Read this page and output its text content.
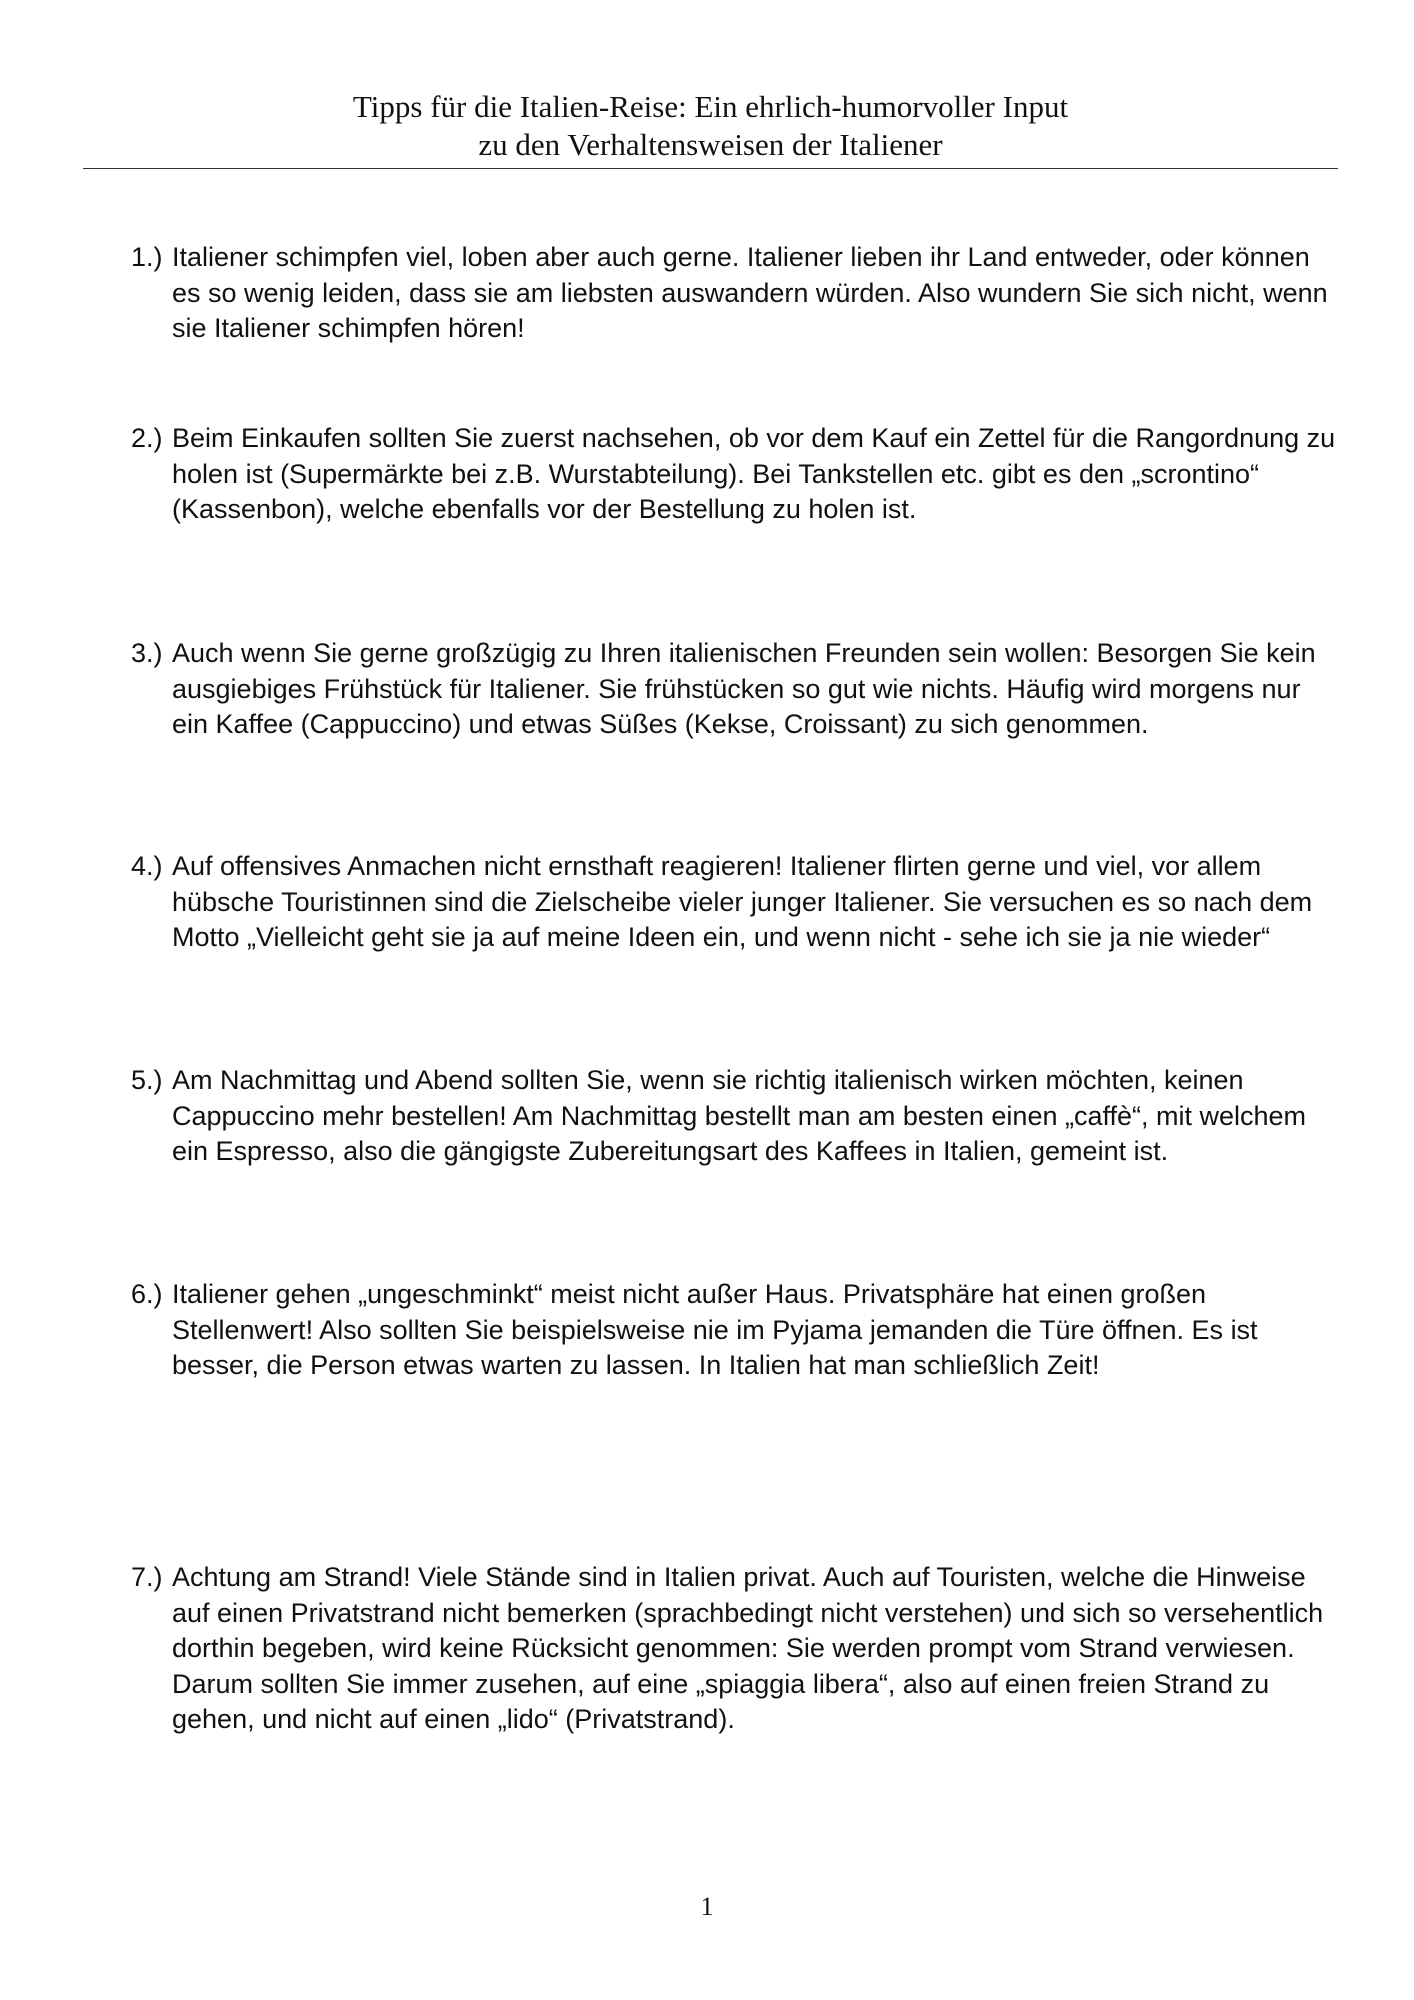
Tipps für die Italien-Reise: Ein ehrlich-humorvoller Input
zu den Verhaltensweisen der Italiener
1.) Italiener schimpfen viel, loben aber auch gerne. Italiener lieben ihr Land entweder, oder können es so wenig leiden, dass sie am liebsten auswandern würden. Also wundern Sie sich nicht, wenn sie Italiener schimpfen hören!
2.) Beim Einkaufen sollten Sie zuerst nachsehen, ob vor dem Kauf ein Zettel für die Rangordnung zu holen ist (Supermärkte bei z.B. Wurstabteilung). Bei Tankstellen etc. gibt es den „scrontino“ (Kassenbon), welche ebenfalls vor der Bestellung zu holen ist.
3.) Auch wenn Sie gerne großzügig zu Ihren italienischen Freunden sein wollen: Besorgen Sie kein ausgiebiges Frühstück für Italiener. Sie frühstücken so gut wie nichts. Häufig wird morgens nur ein Kaffee (Cappuccino) und etwas Süßes (Kekse, Croissant) zu sich genommen.
4.) Auf offensives Anmachen nicht ernsthaft reagieren! Italiener flirten gerne und viel, vor allem hübsche Touristinnen sind die Zielscheibe vieler junger Italiener. Sie versuchen es so nach dem Motto „Vielleicht geht sie ja auf meine Ideen ein, und wenn nicht - sehe ich sie ja nie wieder“
5.) Am Nachmittag und Abend sollten Sie, wenn sie richtig italienisch wirken möchten, keinen Cappuccino mehr bestellen! Am Nachmittag bestellt man am besten einen „caffè“, mit welchem ein Espresso, also die gängigste Zubereitungsart des Kaffees in Italien, gemeint ist.
6.) Italiener gehen „ungeschminkt“ meist nicht außer Haus. Privatsphäre hat einen großen Stellenwert! Also sollten Sie beispielsweise nie im Pyjama jemanden die Türe öffnen. Es ist besser, die Person etwas warten zu lassen. In Italien hat man schließlich Zeit!
7.) Achtung am Strand! Viele Stände sind in Italien privat. Auch auf Touristen, welche die Hinweise auf einen Privatstrand nicht bemerken (sprachbedingt nicht verstehen) und sich so versehentlich dorthin begeben, wird keine Rücksicht genommen: Sie werden prompt vom Strand verwiesen. Darum sollten Sie immer zusehen, auf eine „spiaggia libera“, also auf einen freien Strand zu gehen, und nicht auf einen „lido“ (Privatstrand).
1
